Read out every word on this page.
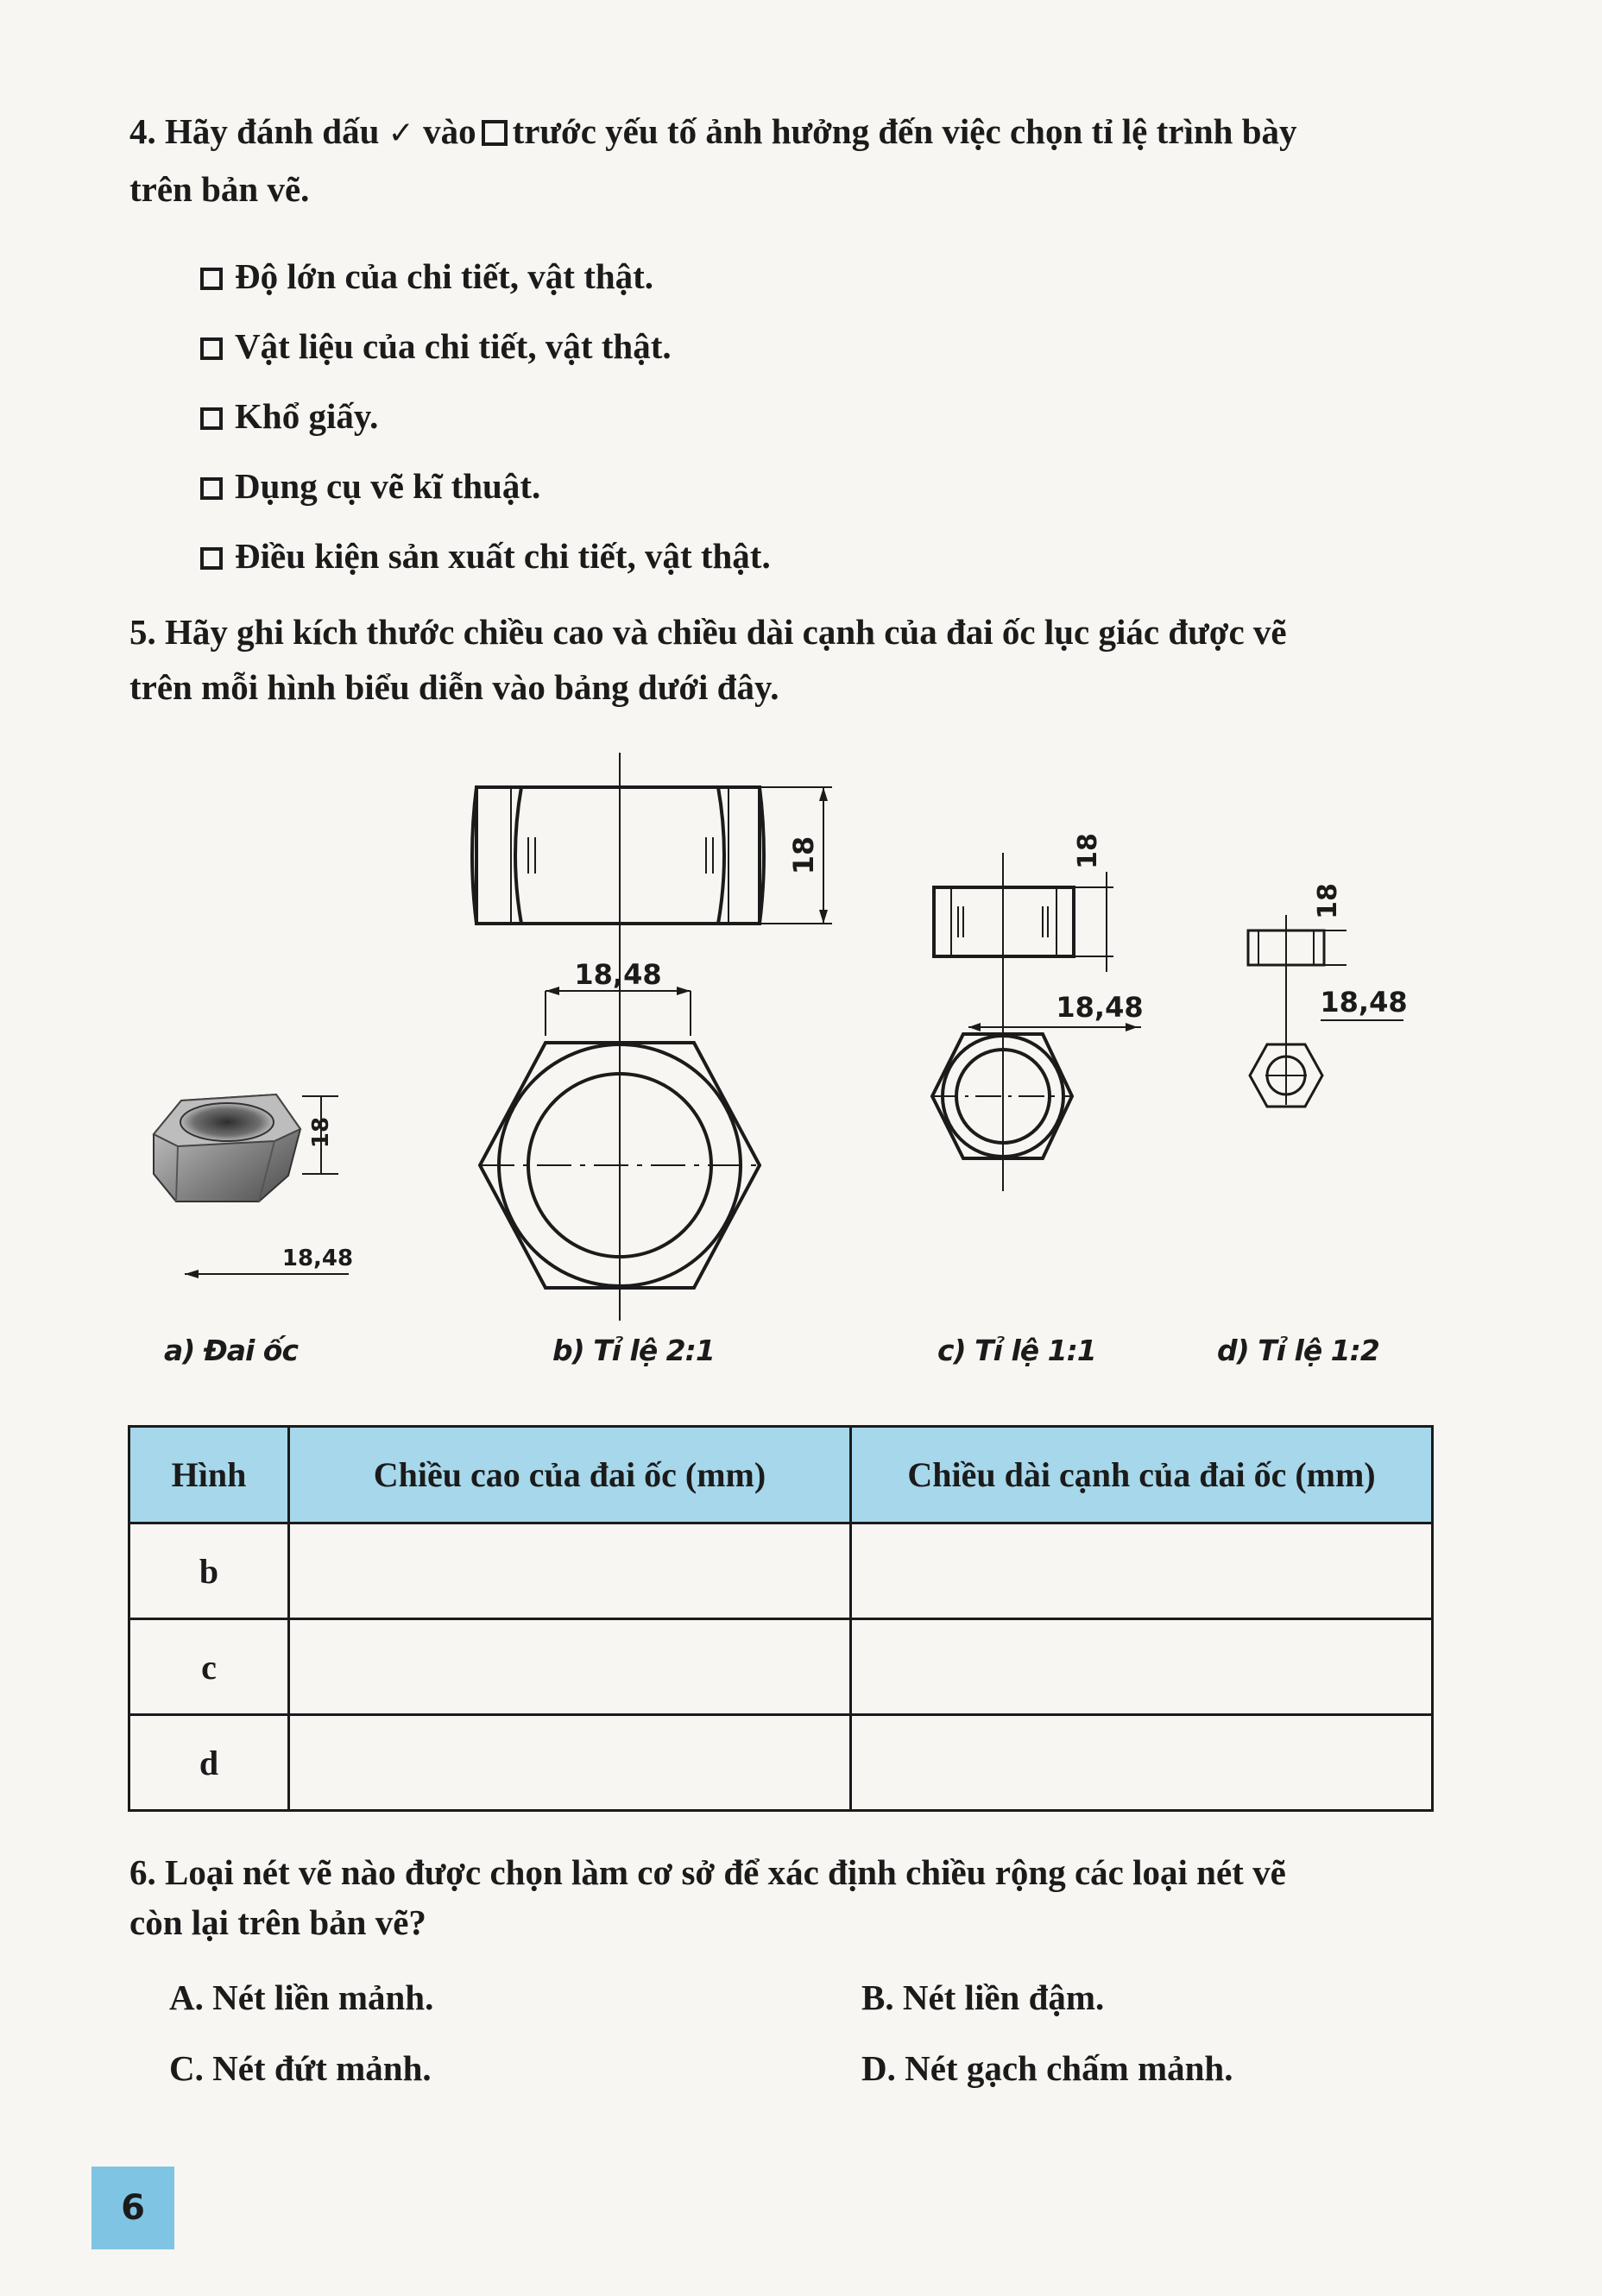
4. Hãy đánh dấu ✓ vào trước yếu tố ảnh hưởng đến việc chọn tỉ lệ trình bày
trên bản vẽ.
Độ lớn của chi tiết, vật thật.
Vật liệu của chi tiết, vật thật.
Khổ giấy.
Dụng cụ vẽ kĩ thuật.
Điều kiện sản xuất chi tiết, vật thật.
5. Hãy ghi kích thước chiều cao và chiều dài cạnh của đai ốc lục giác được vẽ
trên mỗi hình biểu diễn vào bảng dưới đây.
18
18,48
18
18,48
18
18,48
18
18,48
a) Đai ốc	b) Tỉ lệ 2:1	c) Tỉ lệ 1:1	d) Tỉ lệ 1:2
Hình	Chiều cao của đai ốc (mm)	Chiều dài cạnh của đai ốc (mm)
b		
c		
d		
6. Loại nét vẽ nào được chọn làm cơ sở để xác định chiều rộng các loại nét vẽ
còn lại trên bản vẽ?
A. Nét liền mảnh.	B. Nét liền đậm.
C. Nét đứt mảnh.	D. Nét gạch chấm mảnh.
6
